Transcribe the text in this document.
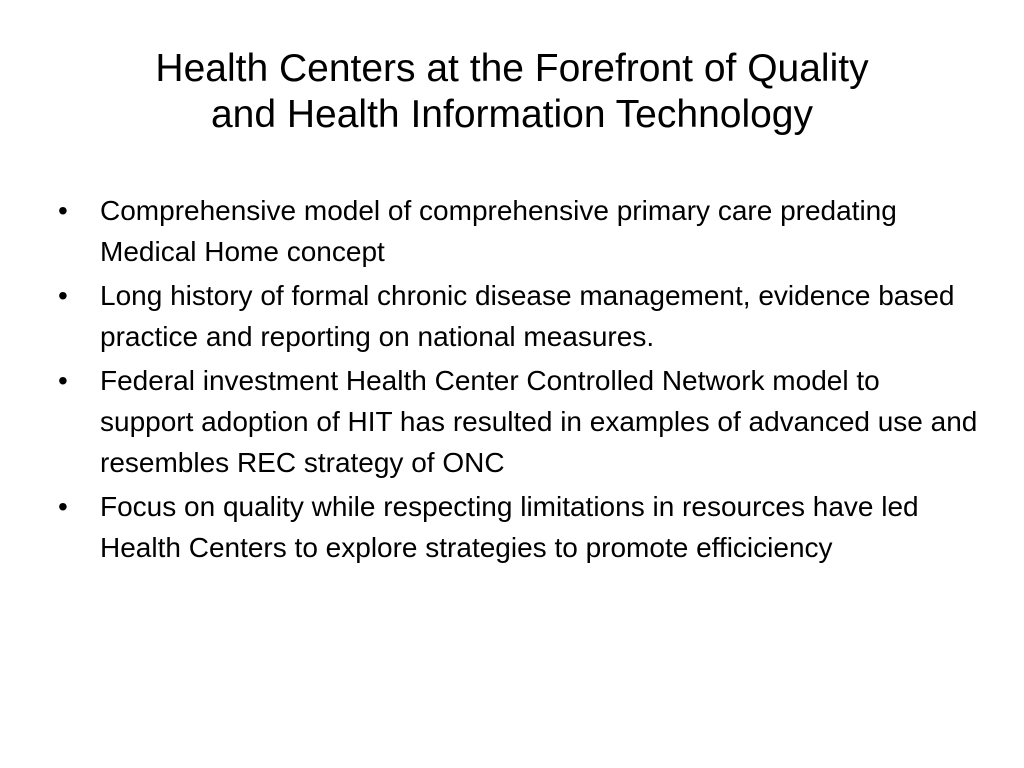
Health Centers at the Forefront of Quality
and Health Information Technology
•	Comprehensive model of comprehensive primary care predating Medical Home concept
•	Long history of formal chronic disease management, evidence based practice and reporting on national measures.
•	Federal investment Health Center Controlled Network model to support adoption of HIT has resulted in examples of advanced use and resembles REC strategy of ONC
•	Focus on quality while respecting limitations in resources have led Health Centers to explore strategies to promote efficiciency
